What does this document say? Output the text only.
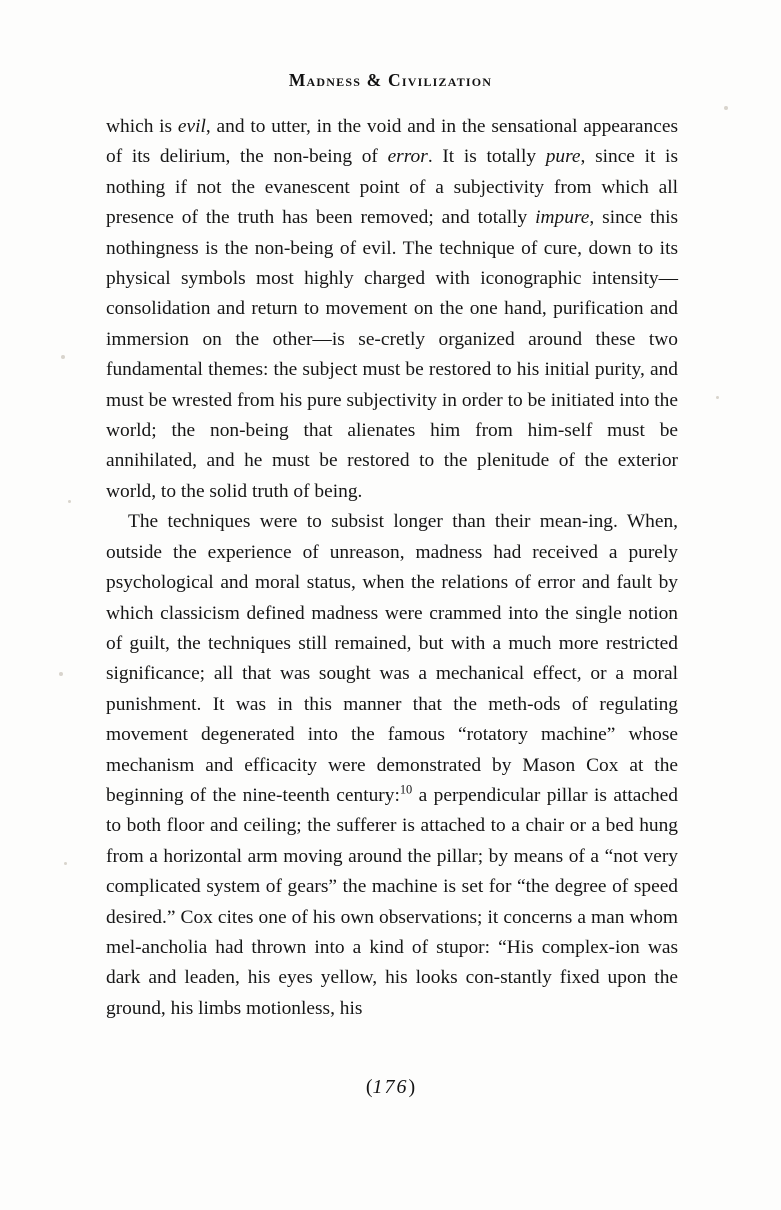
Madness & Civilization

which is evil, and to utter, in the void and in the sensational appearances of its delirium, the non-being of error. It is totally pure, since it is nothing if not the evanescent point of a subjectivity from which all presence of the truth has been removed; and totally impure, since this nothingness is the non-being of evil. The technique of cure, down to its physical symbols most highly charged with iconographic intensity—consolidation and return to movement on the one hand, purification and immersion on the other—is se‑cretly organized around these two fundamental themes: the subject must be restored to his initial purity, and must be wrested from his pure subjectivity in order to be initiated into the world; the non-being that alienates him from him‑self must be annihilated, and he must be restored to the plenitude of the exterior world, to the solid truth of being.

The techniques were to subsist longer than their mean‑ing. When, outside the experience of unreason, madness had received a purely psychological and moral status, when the relations of error and fault by which classicism defined madness were crammed into the single notion of guilt, the techniques still remained, but with a much more restricted significance; all that was sought was a mechanical effect, or a moral punishment. It was in this manner that the meth‑ods of regulating movement degenerated into the famous “rotatory machine” whose mechanism and efficacity were demonstrated by Mason Cox at the beginning of the nine‑teenth century:$^{10}$ a perpendicular pillar is attached to both floor and ceiling; the sufferer is attached to a chair or a bed hung from a horizontal arm moving around the pillar; by means of a “not very complicated system of gears” the machine is set for “the degree of speed desired.” Cox cites one of his own observations; it concerns a man whom mel‑ancholia had thrown into a kind of stupor: “His complex‑ion was dark and leaden, his eyes yellow, his looks con‑stantly fixed upon the ground, his limbs motionless, his

(176)
